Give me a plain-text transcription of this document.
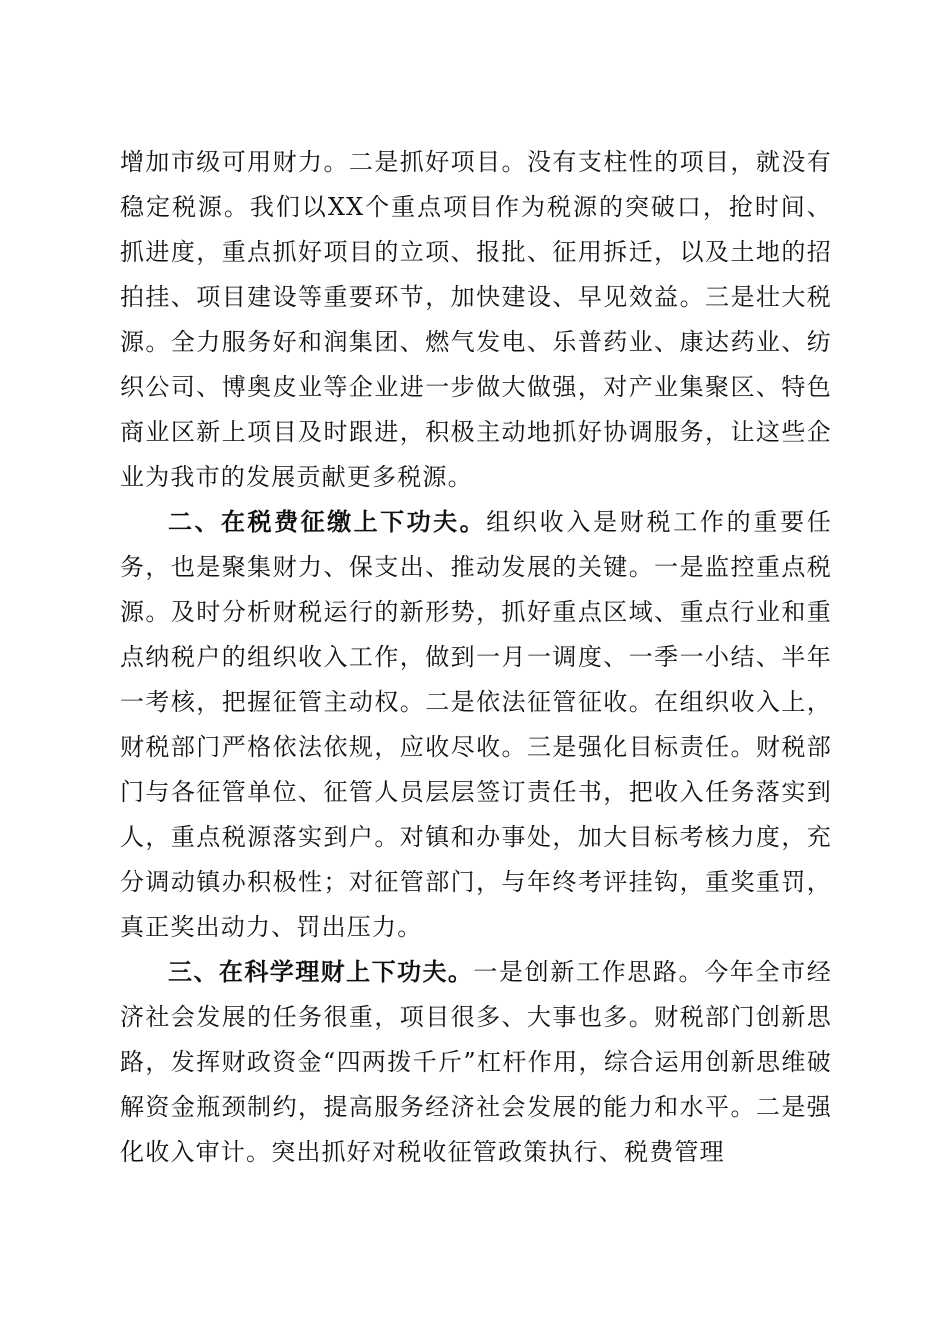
增加市级可用财力。二是抓好项目。没有支柱性的项目，就没有稳定税源。我们以XX个重点项目作为税源的突破口，抢时间、抓进度，重点抓好项目的立项、报批、征用拆迁，以及土地的招拍挂、项目建设等重要环节，加快建设、早见效益。三是壮大税源。全力服务好和润集团、燃气发电、乐普药业、康达药业、纺织公司、博奥皮业等企业进一步做大做强，对产业集聚区、特色商业区新上项目及时跟进，积极主动地抓好协调服务，让这些企业为我市的发展贡献更多税源。

二、在税费征缴上下功夫。组织收入是财税工作的重要任务，也是聚集财力、保支出、推动发展的关键。一是监控重点税源。及时分析财税运行的新形势，抓好重点区域、重点行业和重点纳税户的组织收入工作，做到一月一调度、一季一小结、半年一考核，把握征管主动权。二是依法征管征收。在组织收入上，财税部门严格依法依规，应收尽收。三是强化目标责任。财税部门与各征管单位、征管人员层层签订责任书，把收入任务落实到人，重点税源落实到户。对镇和办事处，加大目标考核力度，充分调动镇办积极性；对征管部门，与年终考评挂钩，重奖重罚，真正奖出动力、罚出压力。

三、在科学理财上下功夫。一是创新工作思路。今年全市经济社会发展的任务很重，项目很多、大事也多。财税部门创新思路，发挥财政资金“四两拨千斤”杠杆作用，综合运用创新思维破解资金瓶颈制约，提高服务经济社会发展的能力和水平。二是强化收入审计。突出抓好对税收征管政策执行、税费管理
